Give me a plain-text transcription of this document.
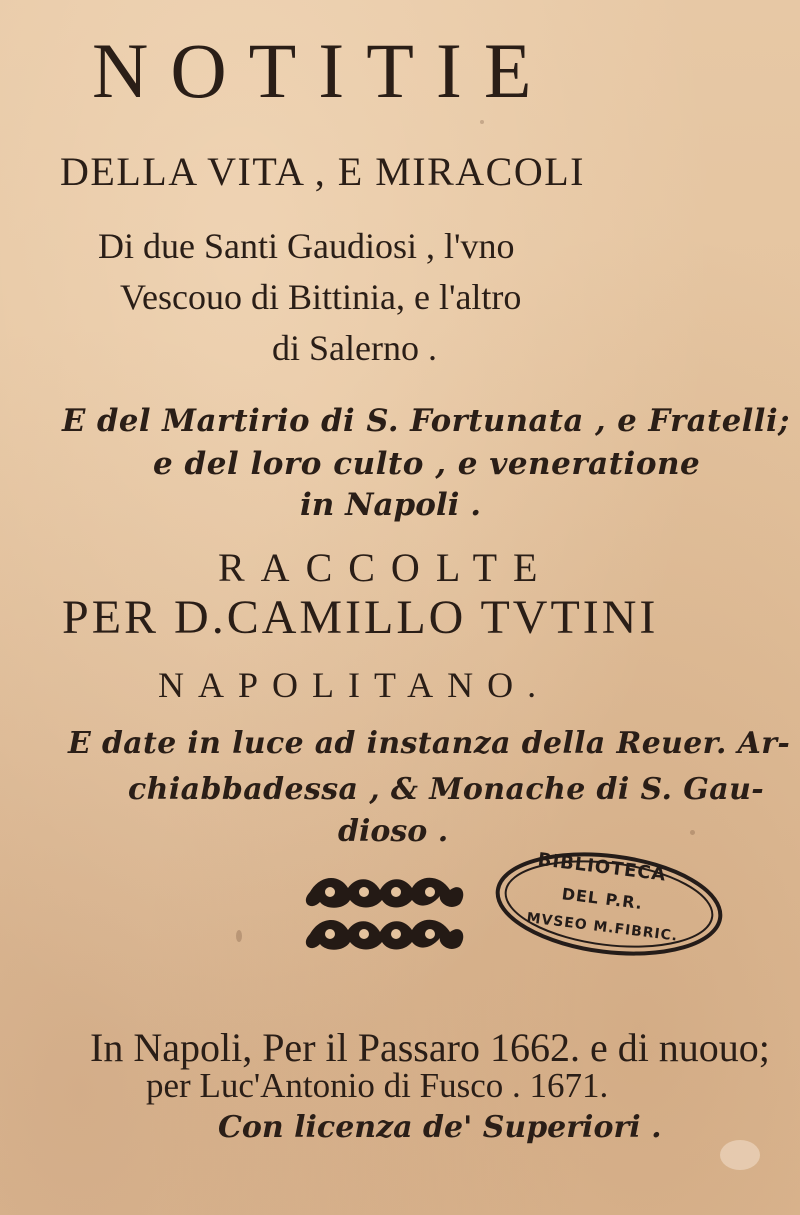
NOTITIE
DELLA VITA , E MIRACOLI
Di due Santi Gaudiosi , l'vno
Vescouo di Bittinia, e l'altro
di Salerno .
E del Martirio di S. Fortunata , e Fratelli;
e del loro culto , e veneratione
in Napoli .
RACCOLTE
PER D.CAMILLO TVTINI
NAPOLITANO.
E date in luce ad instanza della Reuer. Ar-
chiabbadessa , & Monache di S. Gau-
dioso .
BIBLIOTECA
DEL P.R.
MVSEO M.FIBRIC.
In Napoli, Per il Passaro 1662. e di nuouo;
per Luc'Antonio di Fusco . 1671.
Con licenza de' Superiori .
